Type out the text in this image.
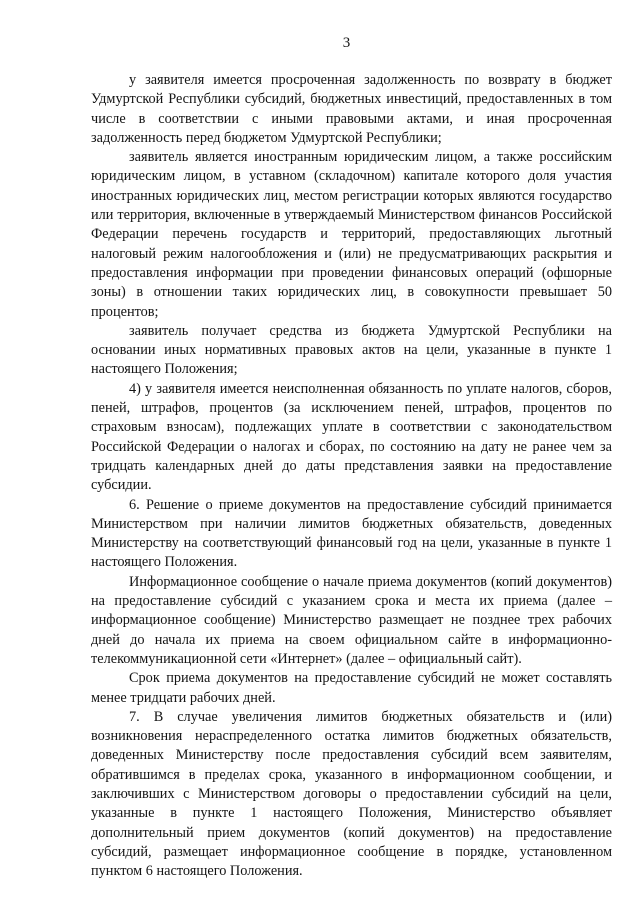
3

у заявителя имеется просроченная задолженность по возврату в бюджет Удмуртской Республики субсидий, бюджетных инвестиций, предоставленных в том числе в соответствии с иными правовыми актами, и иная просроченная задолженность перед бюджетом Удмуртской Республики;

заявитель является иностранным юридическим лицом, а также российским юридическим лицом, в уставном (складочном) капитале которого доля участия иностранных юридических лиц, местом регистрации которых являются государство или территория, включенные в утверждаемый Министерством финансов Российской Федерации перечень государств и территорий, предоставляющих льготный налоговый режим налогообложения и (или) не предусматривающих раскрытия и предоставления информации при проведении финансовых операций (офшорные зоны) в отношении таких юридических лиц, в совокупности превышает 50 процентов;

заявитель получает средства из бюджета Удмуртской Республики на основании иных нормативных правовых актов на цели, указанные в пункте 1 настоящего Положения;

4) у заявителя имеется неисполненная обязанность по уплате налогов, сборов, пеней, штрафов, процентов (за исключением пеней, штрафов, процентов по страховым взносам), подлежащих уплате в соответствии с законодательством Российской Федерации о налогах и сборах, по состоянию на дату не ранее чем за тридцать календарных дней до даты представления заявки на предоставление субсидии.

6. Решение о приеме документов на предоставление субсидий принимается Министерством при наличии лимитов бюджетных обязательств, доведенных Министерству на соответствующий финансовый год на цели, указанные в пункте 1 настоящего Положения.

Информационное сообщение о начале приема документов (копий документов) на предоставление субсидий с указанием срока и места их приема (далее – информационное сообщение) Министерство размещает не позднее трех рабочих дней до начала их приема на своем официальном сайте в информационно-телекоммуникационной сети «Интернет» (далее – официальный сайт).

Срок приема документов на предоставление субсидий не может составлять менее тридцати рабочих дней.

7. В случае увеличения лимитов бюджетных обязательств и (или) возникновения нераспределенного остатка лимитов бюджетных обязательств, доведенных Министерству после предоставления субсидий всем заявителям, обратившимся в пределах срока, указанного в информационном сообщении, и заключивших с Министерством договоры о предоставлении субсидий на цели, указанные в пункте 1 настоящего Положения, Министерство объявляет дополнительный прием документов (копий документов) на предоставление субсидий, размещает информационное сообщение в порядке, установленном пунктом 6 настоящего Положения.
